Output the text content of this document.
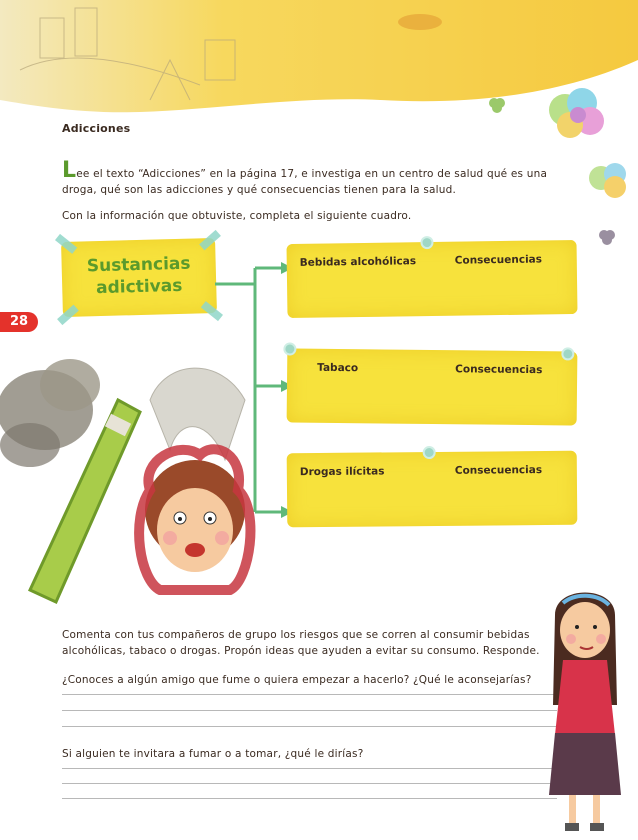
28
Adicciones
Lee el texto “Adicciones” en la página 17, e investiga en un centro de salud qué es una droga, qué son las adicciones y qué consecuencias tienen para la salud.
Con la información que obtuviste, completa el siguiente cuadro.
Sustancias
adictivas
Bebidas alcohólicas	Consecuencias
Tabaco	Consecuencias
Drogas ilícitas	Consecuencias
Comenta con tus compañeros de grupo los riesgos que se corren al consumir bebidas alcohólicas, tabaco o drogas. Propón ideas que ayuden a evitar su consumo. Responde.
¿Conoces a algún amigo que fume o quiera empezar a hacerlo? ¿Qué le aconsejarías?
Si alguien te invitara a fumar o a tomar, ¿qué le dirías?
